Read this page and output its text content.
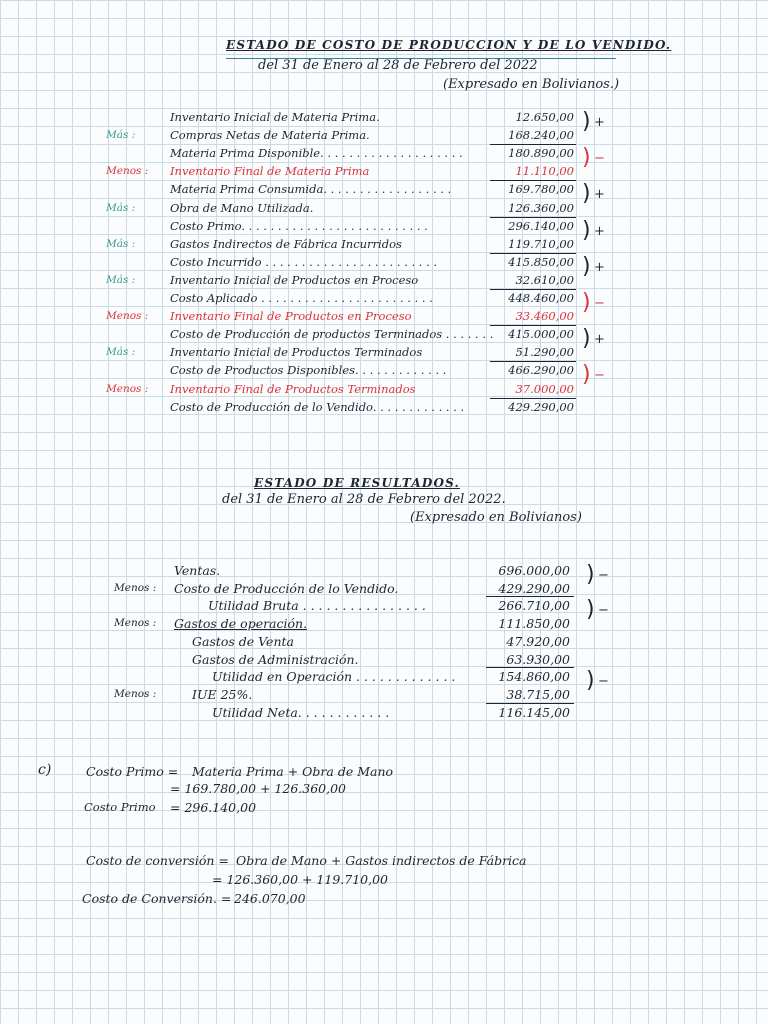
ESTADO DE COSTO DE PRODUCCION Y DE LO VENDIDO.
del 31 de Enero al 28 de Febrero del 2022
(Expresado en Bolivianos.)
Inventario Inicial de Materia Prima.	12.650,00
Más :	Compras Netas de Materia Prima.	168.240,00
Materia Prima Disponible. . . . . . . . . . . . . . . . . . . .	180.890,00
Menos : Inventario Final de Materia Prima	11.110,00
Materia Prima Consumida. . . . . . . . . . . . . . . . . .	169.780,00
Más :	Obra de Mano Utilizada.	126.360,00
Costo Primo. . . . . . . . . . . . . . . . . . . . . . . . . .	296.140,00
Más :	Gastos Indirectos de Fábrica Incurridos	119.710,00
Costo Incurrido . . . . . . . . . . . . . . . . . . . . . . . .	415.850,00
Más :	Inventario Inicial de Productos en Proceso	32.610,00
Costo Aplicado . . . . . . . . . . . . . . . . . . . . . . . .	448.460,00
Menos : Inventario Final de Productos en Proceso	33.460,00
Costo de Producción de productos Terminados . . . . . . .	415.000,00
Más :	Inventario Inicial de Productos Terminados	51.290,00
Costo de Productos Disponibles. . . . . . . . . . . . .	466.290,00
Menos : Inventario Final de Productos Terminados	37.000,00
Costo de Producción de lo Vendido. . . . . . . . . . . . .	429.290,00
) +
) −
) +
) +
) +
) −
) +
) −
ESTADO DE RESULTADOS.
del 31 de Enero al 28 de Febrero del 2022.
(Expresado en Bolivianos)
Ventas.	696.000,00
Menos : Costo de Producción de lo Vendido.	429.290,00
Utilidad Bruta . . . . . . . . . . . . . . . .	266.710,00
Menos : Gastos de operación.	111.850,00
Gastos de Venta	47.920,00
Gastos de Administración.	63.930,00
Utilidad en Operación . . . . . . . . . . . . .	154.860,00
Menos :	IUE 25%.	38.715,00
Utilidad Neta. . . . . . . . . . . .	116.145,00
) −
) −
) −
c)	Costo Primo = Materia Prima + Obra de Mano
= 169.780,00 + 126.360,00
Costo Primo = 296.140,00
Costo de conversión = Obra de Mano + Gastos indirectos de Fábrica
= 126.360,00 + 119.710,00
Costo de Conversión. = 246.070,00
